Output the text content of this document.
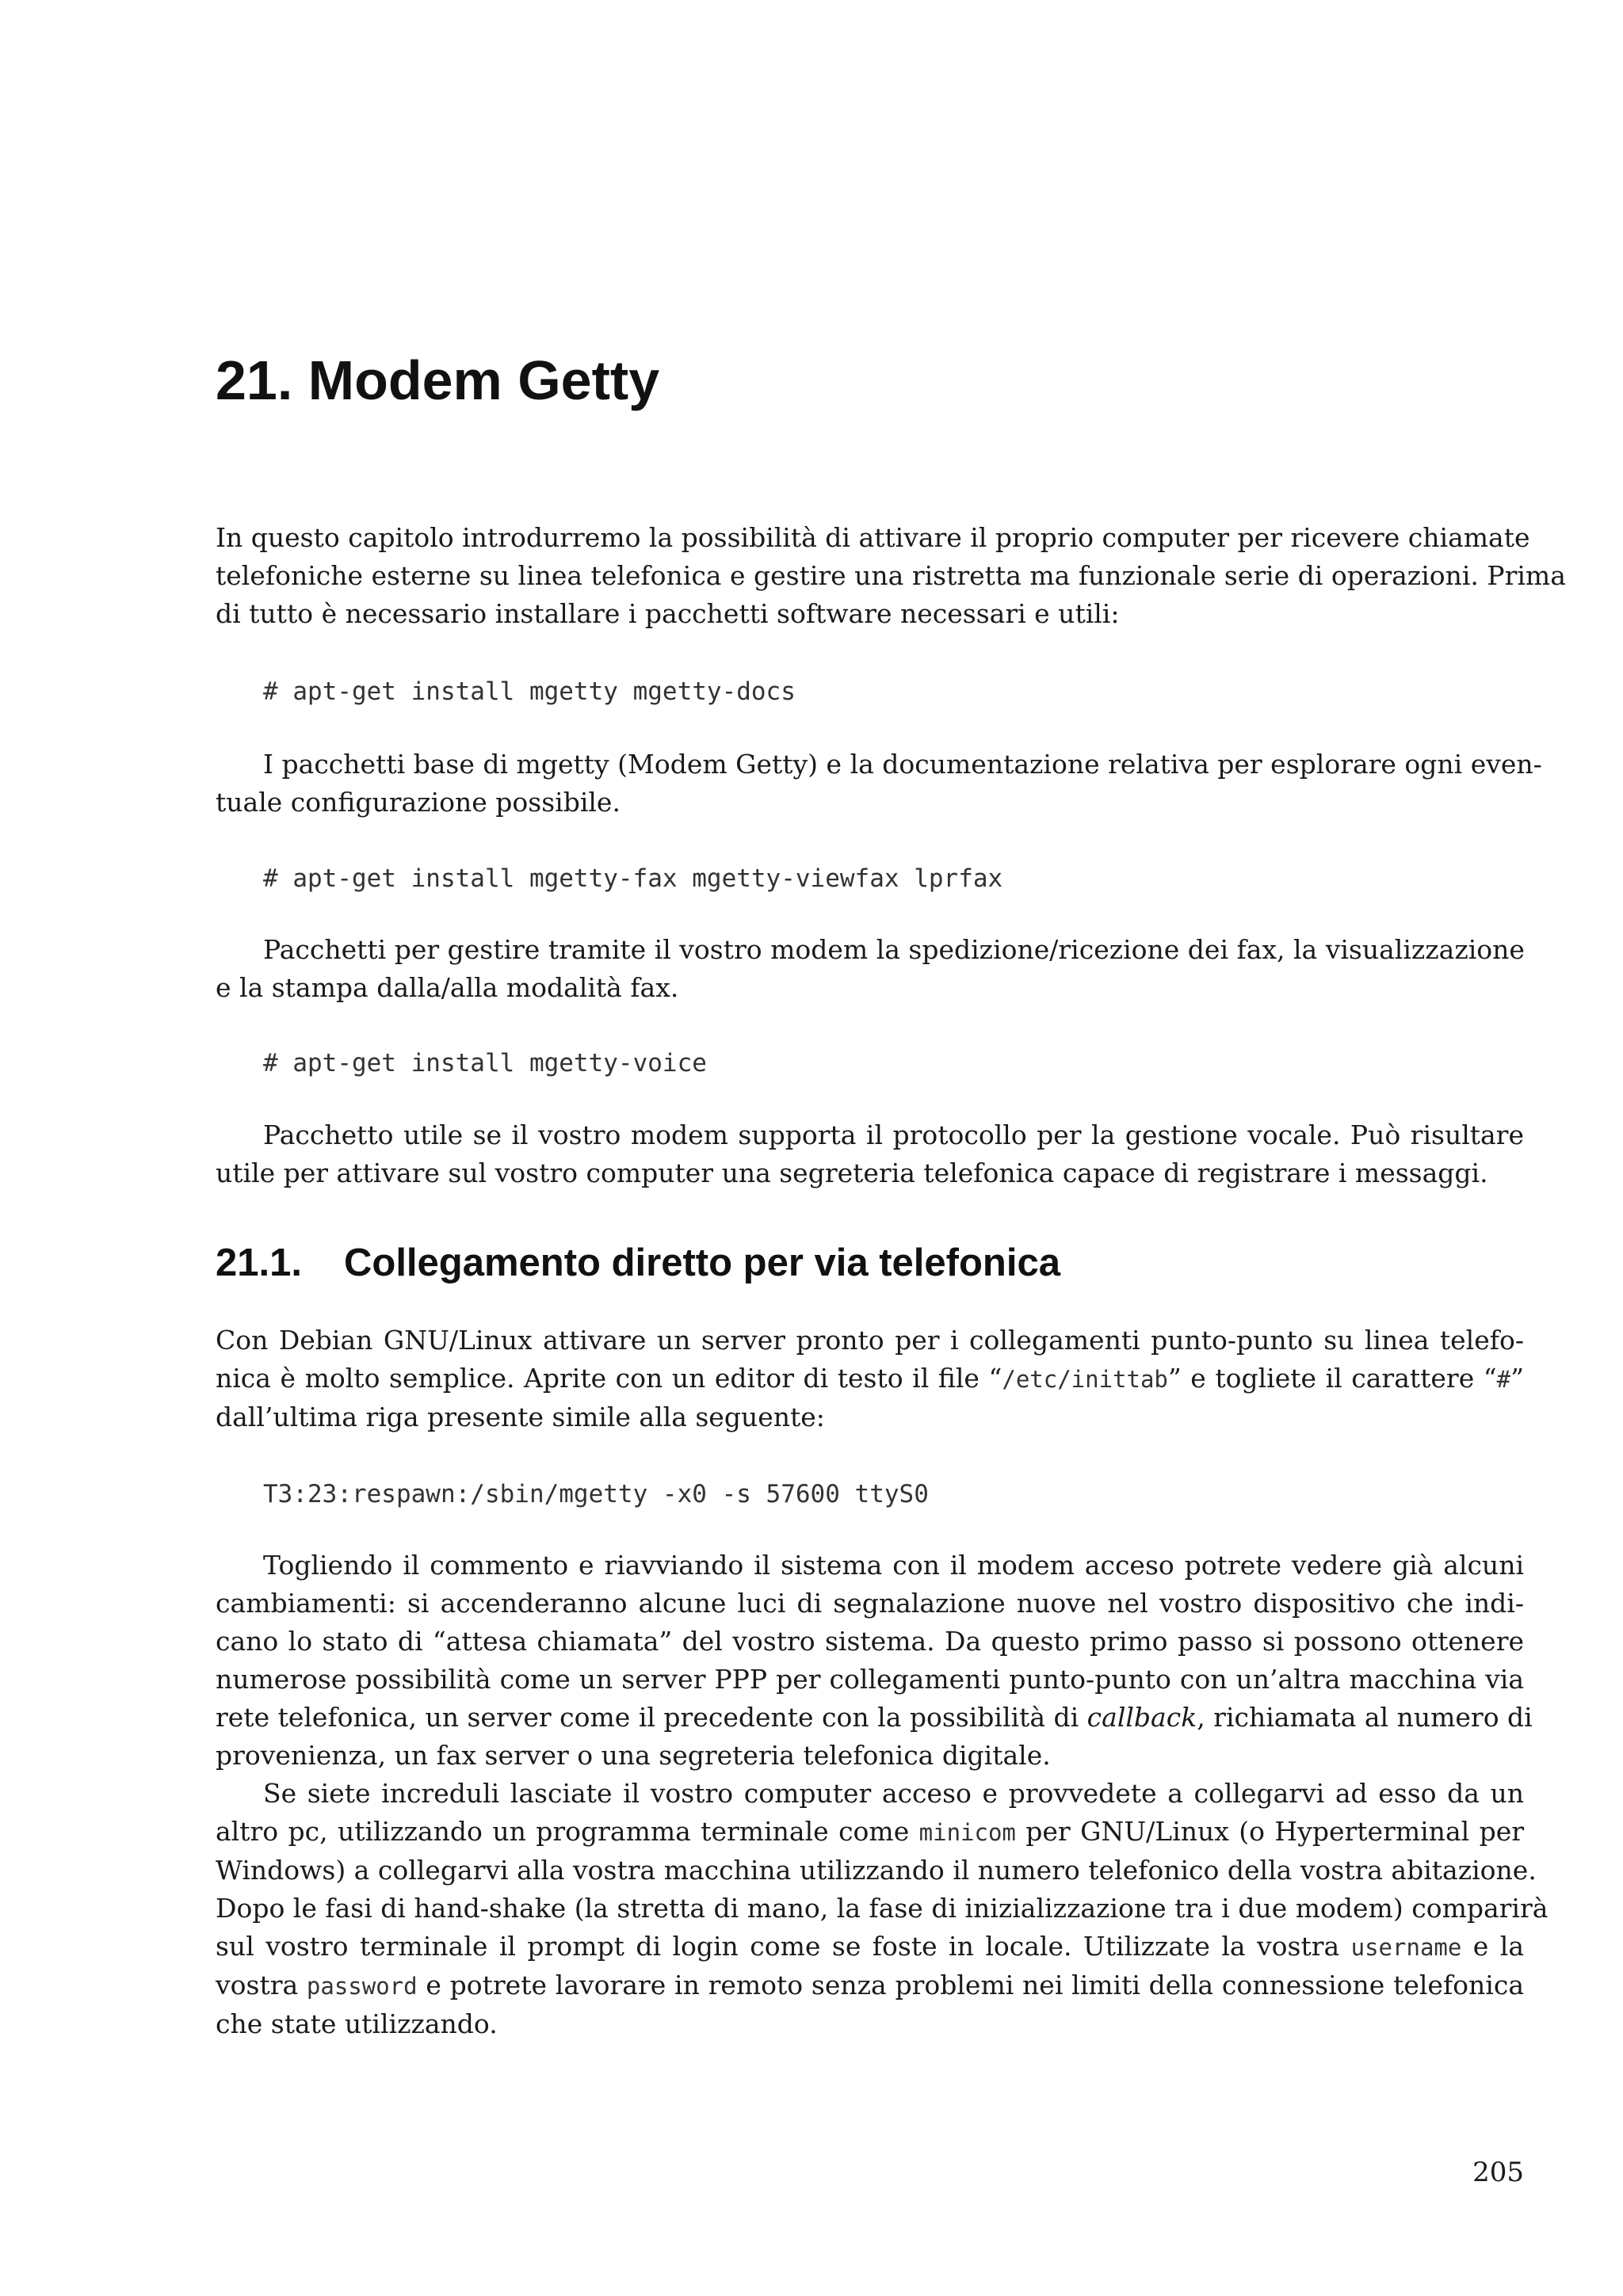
21. Modem Getty
In questo capitolo introdurremo la possibilità di attivare il proprio computer per ricevere chiamate
telefoniche esterne su linea telefonica e gestire una ristretta ma funzionale serie di operazioni. Prima
di tutto è necessario installare i pacchetti software necessari e utili:
# apt-get install mgetty mgetty-docs
I pacchetti base di mgetty (Modem Getty) e la documentazione relativa per esplorare ogni even-
tuale configurazione possibile.
# apt-get install mgetty-fax mgetty-viewfax lprfax
Pacchetti per gestire tramite il vostro modem la spedizione/ricezione dei fax, la visualizzazione
e la stampa dalla/alla modalità fax.
# apt-get install mgetty-voice
Pacchetto utile se il vostro modem supporta il protocollo per la gestione vocale. Può risultare
utile per attivare sul vostro computer una segreteria telefonica capace di registrare i messaggi.
21.1. Collegamento diretto per via telefonica
Con Debian GNU/Linux attivare un server pronto per i collegamenti punto-punto su linea telefo-
nica è molto semplice. Aprite con un editor di testo il file “/etc/inittab” e togliete il carattere “#”
dall’ultima riga presente simile alla seguente:
T3:23:respawn:/sbin/mgetty -x0 -s 57600 ttyS0
Togliendo il commento e riavviando il sistema con il modem acceso potrete vedere già alcuni
cambiamenti: si accenderanno alcune luci di segnalazione nuove nel vostro dispositivo che indi-
cano lo stato di “attesa chiamata” del vostro sistema. Da questo primo passo si possono ottenere
numerose possibilità come un server PPP per collegamenti punto-punto con un’altra macchina via
rete telefonica, un server come il precedente con la possibilità di callback, richiamata al numero di
provenienza, un fax server o una segreteria telefonica digitale.
Se siete increduli lasciate il vostro computer acceso e provvedete a collegarvi ad esso da un
altro pc, utilizzando un programma terminale come minicom per GNU/Linux (o Hyperterminal per
Windows) a collegarvi alla vostra macchina utilizzando il numero telefonico della vostra abitazione.
Dopo le fasi di hand-shake (la stretta di mano, la fase di inizializzazione tra i due modem) comparirà
sul vostro terminale il prompt di login come se foste in locale. Utilizzate la vostra username e la
vostra password e potrete lavorare in remoto senza problemi nei limiti della connessione telefonica
che state utilizzando.
205
